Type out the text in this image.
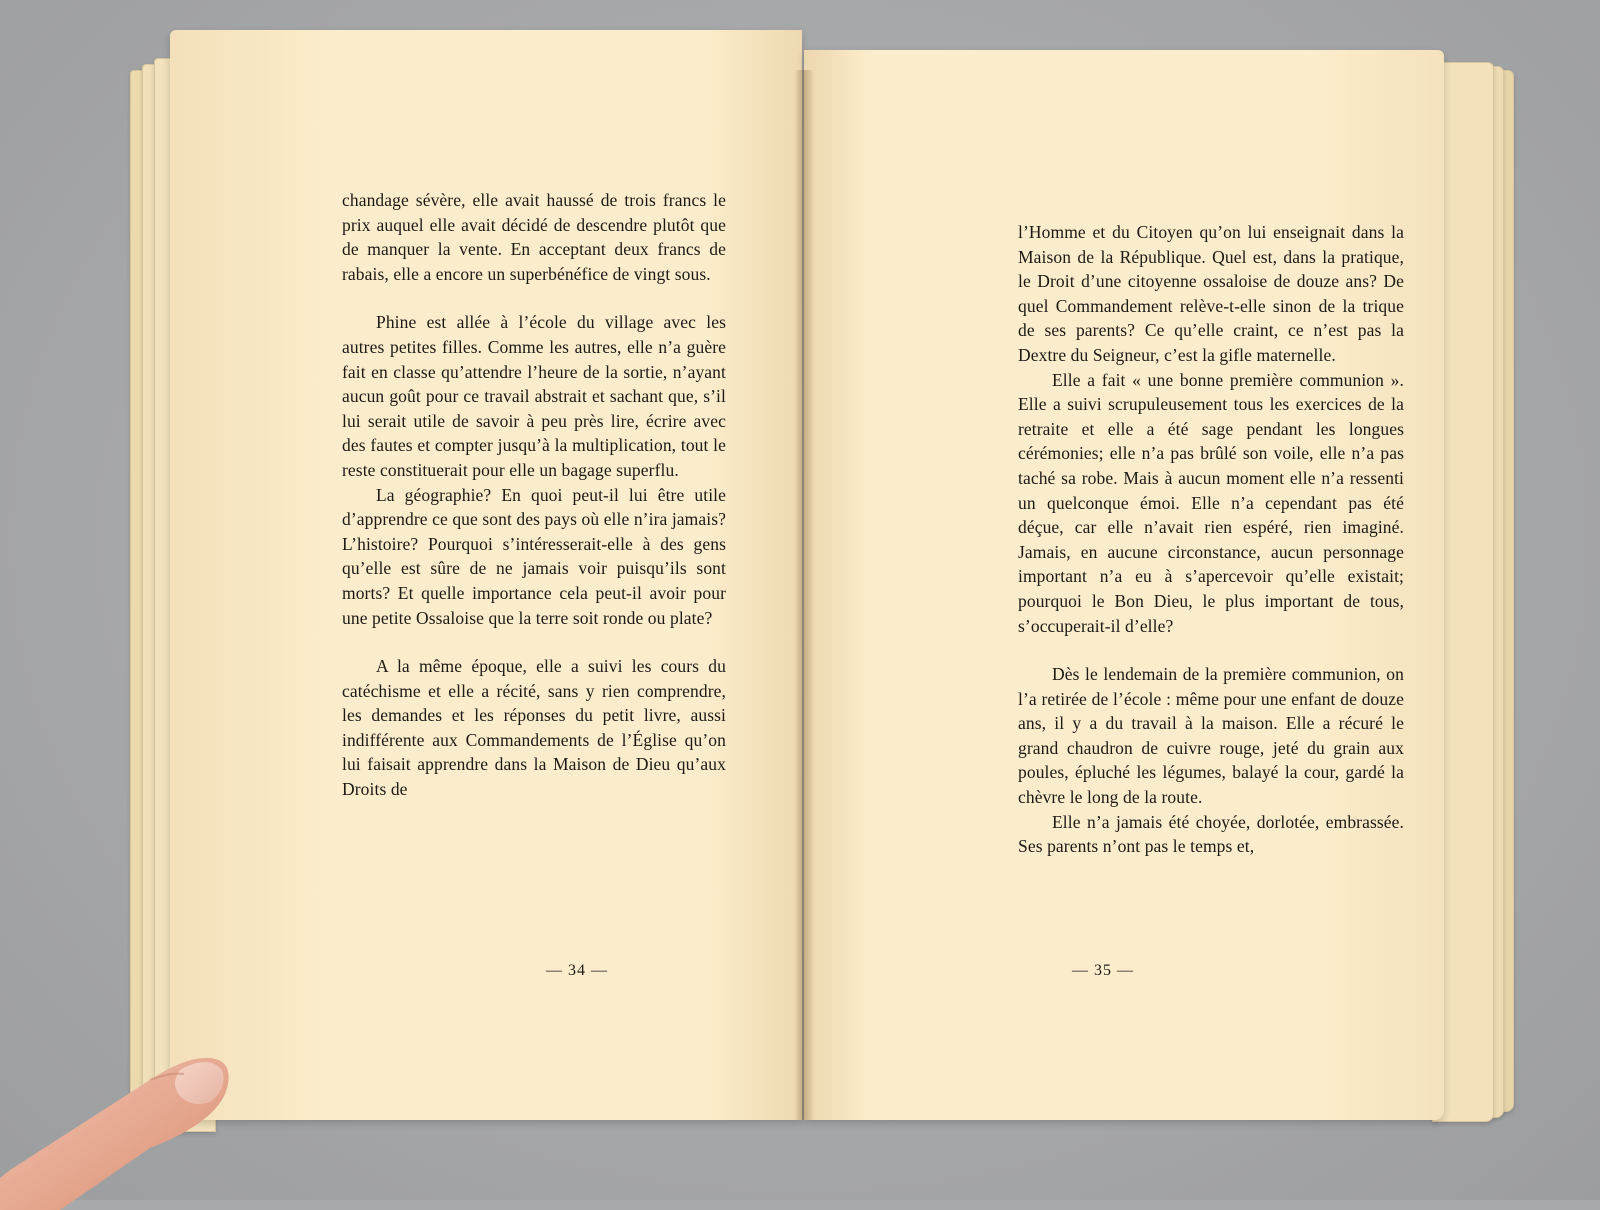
chandage sévère, elle avait haussé de trois francs le prix auquel elle avait décidé de descendre plutôt que de manquer la vente. En acceptant deux francs de rabais, elle a encore un superbénéfice de vingt sous.

Phine est allée à l’école du village avec les autres petites filles. Comme les autres, elle n’a guère fait en classe qu’attendre l’heure de la sortie, n’ayant aucun goût pour ce travail abstrait et sachant que, s’il lui serait utile de savoir à peu près lire, écrire avec des fautes et compter jusqu’à la multiplication, tout le reste constituerait pour elle un bagage superflu.

La géographie? En quoi peut-il lui être utile d’apprendre ce que sont des pays où elle n’ira jamais? L’histoire? Pourquoi s’intéresserait-elle à des gens qu’elle est sûre de ne jamais voir puisqu’ils sont morts? Et quelle importance cela peut-il avoir pour une petite Ossaloise que la terre soit ronde ou plate?

A la même époque, elle a suivi les cours du catéchisme et elle a récité, sans y rien comprendre, les demandes et les réponses du petit livre, aussi indifférente aux Commandements de l’Église qu’on lui faisait apprendre dans la Maison de Dieu qu’aux Droits de

— 34 —

l’Homme et du Citoyen qu’on lui enseignait dans la Maison de la République. Quel est, dans la pratique, le Droit d’une citoyenne ossaloise de douze ans? De quel Commandement relève-t-elle sinon de la trique de ses parents? Ce qu’elle craint, ce n’est pas la Dextre du Seigneur, c’est la gifle maternelle.

Elle a fait « une bonne première communion ». Elle a suivi scrupuleusement tous les exercices de la retraite et elle a été sage pendant les longues cérémonies; elle n’a pas brûlé son voile, elle n’a pas taché sa robe. Mais à aucun moment elle n’a ressenti un quelconque émoi. Elle n’a cependant pas été déçue, car elle n’avait rien espéré, rien imaginé. Jamais, en aucune circonstance, aucun personnage important n’a eu à s’apercevoir qu’elle existait; pourquoi le Bon Dieu, le plus important de tous, s’occuperait-il d’elle?

Dès le lendemain de la première communion, on l’a retirée de l’école : même pour une enfant de douze ans, il y a du travail à la maison. Elle a récuré le grand chaudron de cuivre rouge, jeté du grain aux poules, épluché les légumes, balayé la cour, gardé la chèvre le long de la route.

Elle n’a jamais été choyée, dorlotée, embrassée. Ses parents n’ont pas le temps et,

— 35 —
